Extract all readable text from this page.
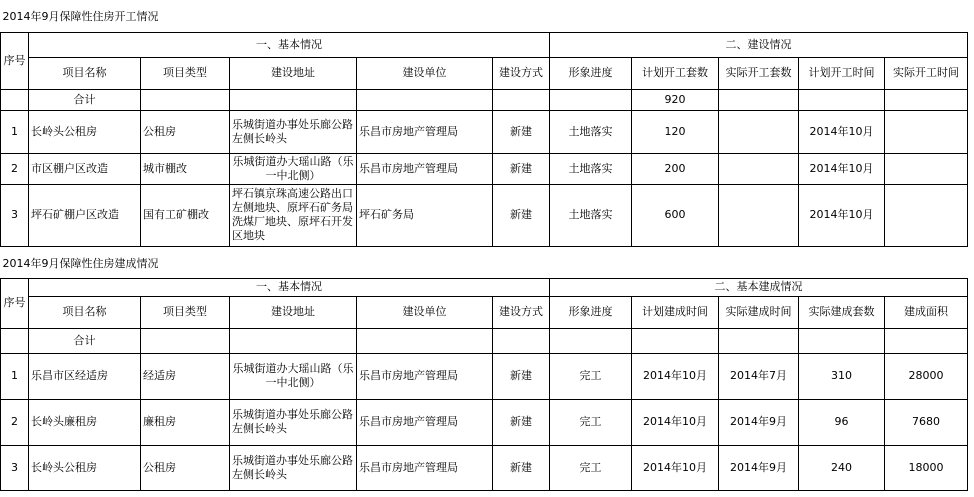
2014年9月保障性住房开工情况										
序号	一、基本情况					二、建设情况				
	项目名称	项目类型	建设地址	建设单位	建设方式	形象进度	计划开工套数	实际开工套数	计划开工时间	实际开工时间
	合计						920			
1	长岭头公租房	公租房	乐城街道办事处乐廊公路左侧长岭头	乐昌市房地产管理局	新建	土地落实	120		2014年10月	
2	市区棚户区改造	城市棚改	乐城街道办大瑶山路（乐一中北侧）	乐昌市房地产管理局	新建	土地落实	200		2014年10月	
3	坪石矿棚户区改造	国有工矿棚改	坪石镇京珠高速公路出口左侧地块、原坪石矿务局洗煤厂地块、原坪石开发区地块	坪石矿务局	新建	土地落实	600		2014年10月	
2014年9月保障性住房建成情况										
序号	一、基本情况					二、基本建成情况				
	项目名称	项目类型	建设地址	建设单位	建设方式	形象进度	计划建成时间	实际建成时间	实际建成套数	建成面积
	合计									
1	乐昌市区经适房	经适房	乐城街道办大瑶山路（乐一中北侧）	乐昌市房地产管理局	新建	完工	2014年10月	2014年7月	310	28000
2	长岭头廉租房	廉租房	乐城街道办事处乐廊公路左侧长岭头	乐昌市房地产管理局	新建	完工	2014年10月	2014年9月	96	7680
3	长岭头公租房	公租房	乐城街道办事处乐廊公路左侧长岭头	乐昌市房地产管理局	新建	完工	2014年10月	2014年9月	240	18000
